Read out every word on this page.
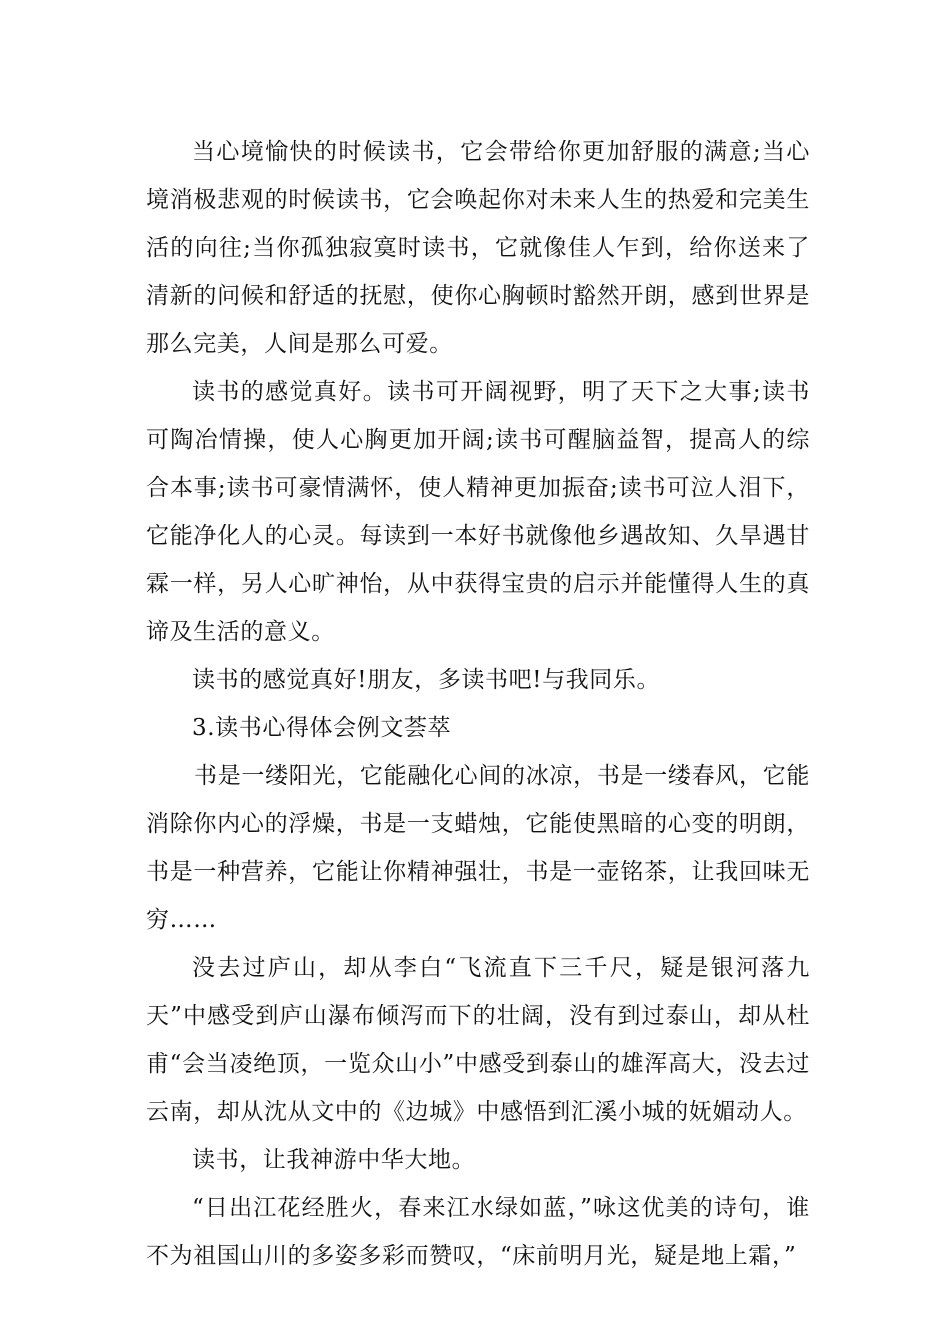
当心境愉快的时候读书，它会带给你更加舒服的满意;当心境消极悲观的时候读书，它会唤起你对未来人生的热爱和完美生活的向往;当你孤独寂寞时读书，它就像佳人乍到，给你送来了清新的问候和舒适的抚慰，使你心胸顿时豁然开朗，感到世界是那么完美，人间是那么可爱。

读书的感觉真好。读书可开阔视野，明了天下之大事;读书可陶冶情操，使人心胸更加开阔;读书可醒脑益智，提高人的综合本事;读书可豪情满怀，使人精神更加振奋;读书可泣人泪下，它能净化人的心灵。每读到一本好书就像他乡遇故知、久旱遇甘霖一样，另人心旷神怡，从中获得宝贵的启示并能懂得人生的真谛及生活的意义。

读书的感觉真好!朋友，多读书吧!与我同乐。

3.读书心得体会例文荟萃

书是一缕阳光，它能融化心间的冰凉，书是一缕春风，它能消除你内心的浮燥，书是一支蜡烛，它能使黑暗的心变的明朗，书是一种营养，它能让你精神强壮，书是一壶铭茶，让我回味无穷……

没去过庐山，却从李白“飞流直下三千尺，疑是银河落九天”中感受到庐山瀑布倾泻而下的壮阔，没有到过泰山，却从杜甫“会当凌绝顶，一览众山小”中感受到泰山的雄浑高大，没去过云南，却从沈从文中的《边城》中感悟到汇溪小城的妩媚动人。

读书，让我神游中华大地。

“日出江花经胜火，春来江水绿如蓝，”咏这优美的诗句，谁不为祖国山川的多姿多彩而赞叹，“床前明月光，疑是地上霜，”
